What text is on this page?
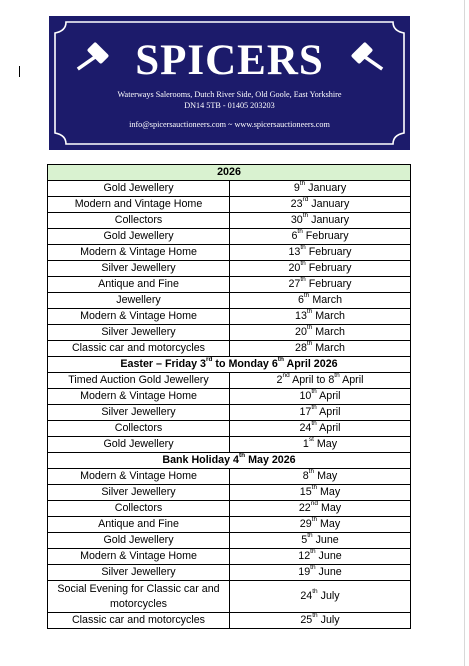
SPICERS
Waterways Salerooms, Dutch River Side, Old Goole, East Yorkshire
DN14 5TB - 01405 203203
info@spicersauctioneers.com ~ www.spicersauctioneers.com
2026	
Gold Jewellery	9th January
Modern and Vintage Home	23rd January
Collectors	30th January
Gold Jewellery	6th February
Modern & Vintage Home	13th February
Silver Jewellery	20th February
Antique and Fine	27th February
Jewellery	6th March
Modern & Vintage Home	13th March
Silver Jewellery	20th March
Classic car and motorcycles	28th March
Easter – Friday 3rd to Monday 6th April 2026	
Timed Auction Gold Jewellery	2nd April to 8th April
Modern & Vintage Home	10th April
Silver Jewellery	17th April
Collectors	24th April
Gold Jewellery	1st May
Bank Holiday 4th May 2026	
Modern & Vintage Home	8th May
Silver Jewellery	15th May
Collectors	22nd May
Antique and Fine	29th May
Gold Jewellery	5th June
Modern & Vintage Home	12th June
Silver Jewellery	19th June
Social Evening for Classic car and motorcycles	24th July
Classic car and motorcycles	25th July
